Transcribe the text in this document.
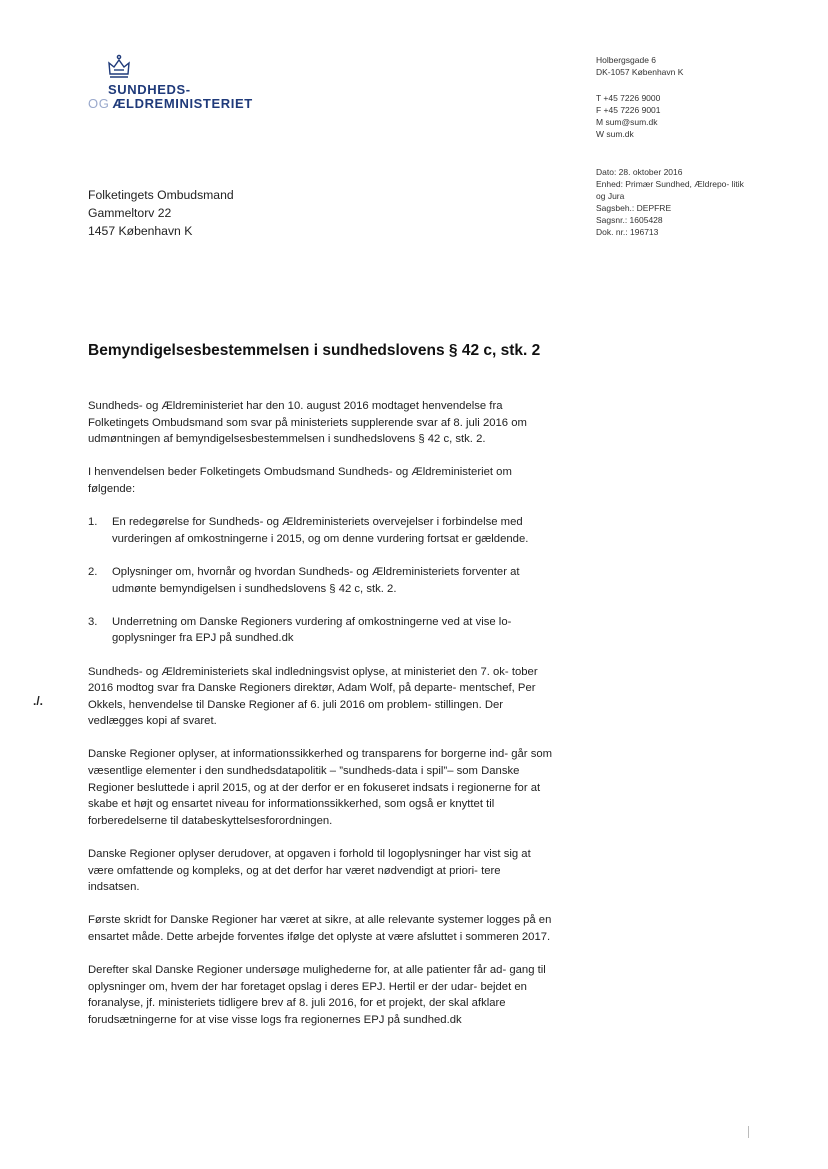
SUNDHEDS-
OG ÆLDREMINISTERIET
Holbergsgade 6
DK-1057 København K
T +45 7226 9000
F +45 7226 9001
M sum@sum.dk
W sum.dk
Dato: 28. oktober 2016
Enhed: Primær Sundhed, Ældrepo- litik og Jura
Sagsbeh.: DEPFRE
Sagsnr.: 1605428
Dok. nr.: 196713
Folketingets Ombudsmand
Gammeltorv 22
1457 København K
Bemyndigelsesbestemmelsen i sundhedslovens § 42 c, stk. 2
./.

Sundheds- og Ældreministeriet har den 10. august 2016 modtaget henvendelse fra Folketingets Ombudsmand som svar på ministeriets supplerende svar af 8. juli 2016 om udmøntningen af bemyndigelsesbestemmelsen i sundhedslovens § 42 c, stk. 2.

I henvendelsen beder Folketingets Ombudsmand Sundheds- og Ældreministeriet om følgende:

1. En redegørelse for Sundheds- og Ældreministeriets overvejelser i forbindelse med vurderingen af omkostningerne i 2015, og om denne vurdering fortsat er gældende.
2. Oplysninger om, hvornår og hvordan Sundheds- og Ældreministeriets forventer at udmønte bemyndigelsen i sundhedslovens § 42 c, stk. 2.
3. Underretning om Danske Regioners vurdering af omkostningerne ved at vise lo- goplysninger fra EPJ på sundhed.dk

Sundheds- og Ældreministeriets skal indledningsvist oplyse, at ministeriet den 7. ok- tober 2016 modtog svar fra Danske Regioners direktør, Adam Wolf, på departe- mentschef, Per Okkels, henvendelse til Danske Regioner af 6. juli 2016 om problem- stillingen. Der vedlægges kopi af svaret.

Danske Regioner oplyser, at informationssikkerhed og transparens for borgerne ind- går som væsentlige elementer i den sundhedsdatapolitik – ”sundheds-data i spil”– som Danske Regioner besluttede i april 2015, og at der derfor er en fokuseret indsats i regionerne for at skabe et højt og ensartet niveau for informationssikkerhed, som også er knyttet til forberedelserne til databeskyttelsesforordningen.

Danske Regioner oplyser derudover, at opgaven i forhold til logoplysninger har vist sig at være omfattende og kompleks, og at det derfor har været nødvendigt at priori- tere indsatsen.

Første skridt for Danske Regioner har været at sikre, at alle relevante systemer logges på en ensartet måde. Dette arbejde forventes ifølge det oplyste at være afsluttet i sommeren 2017.

Derefter skal Danske Regioner undersøge mulighederne for, at alle patienter får ad- gang til oplysninger om, hvem der har foretaget opslag i deres EPJ. Hertil er der udar- bejdet en foranalyse, jf. ministeriets tidligere brev af 8. juli 2016, for et projekt, der skal afklare forudsætningerne for at vise visse logs fra regionernes EPJ på sundhed.dk
